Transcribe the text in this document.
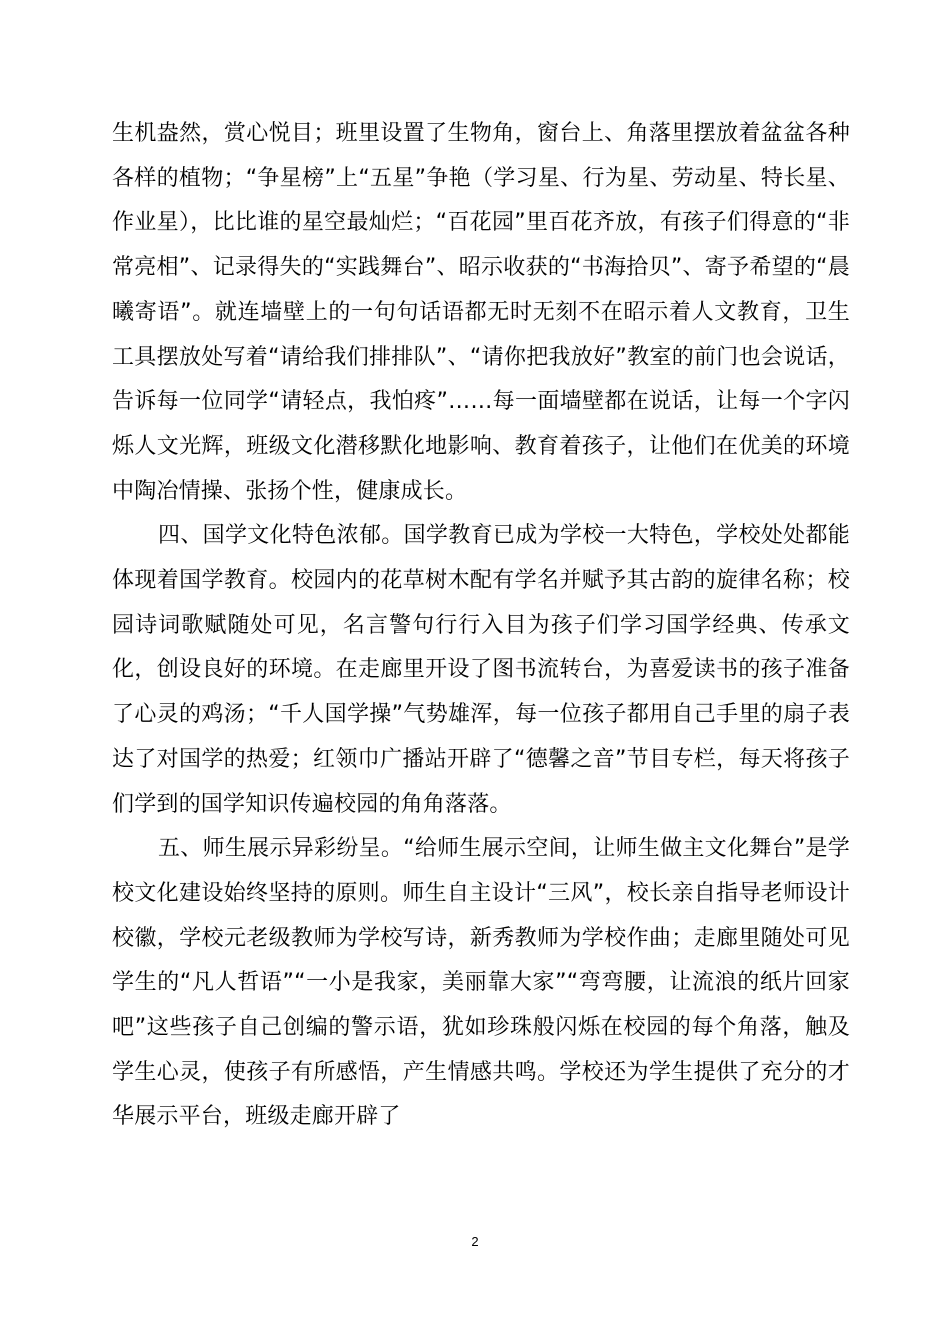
生机盎然，赏心悦目；班里设置了生物角，窗台上、角落里摆放着盆盆各种各样的植物；“争星榜”上“五星”争艳（学习星、行为星、劳动星、特长星、作业星），比比谁的星空最灿烂；“百花园”里百花齐放，有孩子们得意的“非常亮相”、记录得失的“实践舞台”、昭示收获的“书海拾贝”、寄予希望的“晨曦寄语”。就连墙壁上的一句句话语都无时无刻不在昭示着人文教育，卫生工具摆放处写着“请给我们排排队”、“请你把我放好”教室的前门也会说话，告诉每一位同学“请轻点，我怕疼”……每一面墙壁都在说话，让每一个字闪烁人文光辉，班级文化潜移默化地影响、教育着孩子，让他们在优美的环境中陶冶情操、张扬个性，健康成长。

四、国学文化特色浓郁。国学教育已成为学校一大特色，学校处处都能体现着国学教育。校园内的花草树木配有学名并赋予其古韵的旋律名称；校园诗词歌赋随处可见，名言警句行行入目为孩子们学习国学经典、传承文化，创设良好的环境。在走廊里开设了图书流转台，为喜爱读书的孩子准备了心灵的鸡汤；“千人国学操”气势雄浑，每一位孩子都用自己手里的扇子表达了对国学的热爱；红领巾广播站开辟了“德馨之音”节目专栏，每天将孩子们学到的国学知识传遍校园的角角落落。

五、师生展示异彩纷呈。“给师生展示空间，让师生做主文化舞台”是学校文化建设始终坚持的原则。师生自主设计“三风”，校长亲自指导老师设计校徽，学校元老级教师为学校写诗，新秀教师为学校作曲；走廊里随处可见学生的“凡人哲语”“一小是我家，美丽靠大家”“弯弯腰，让流浪的纸片回家吧”这些孩子自己创编的警示语，犹如珍珠般闪烁在校园的每个角落，触及学生心灵，使孩子有所感悟，产生情感共鸣。学校还为学生提供了充分的才华展示平台，班级走廊开辟了

2
